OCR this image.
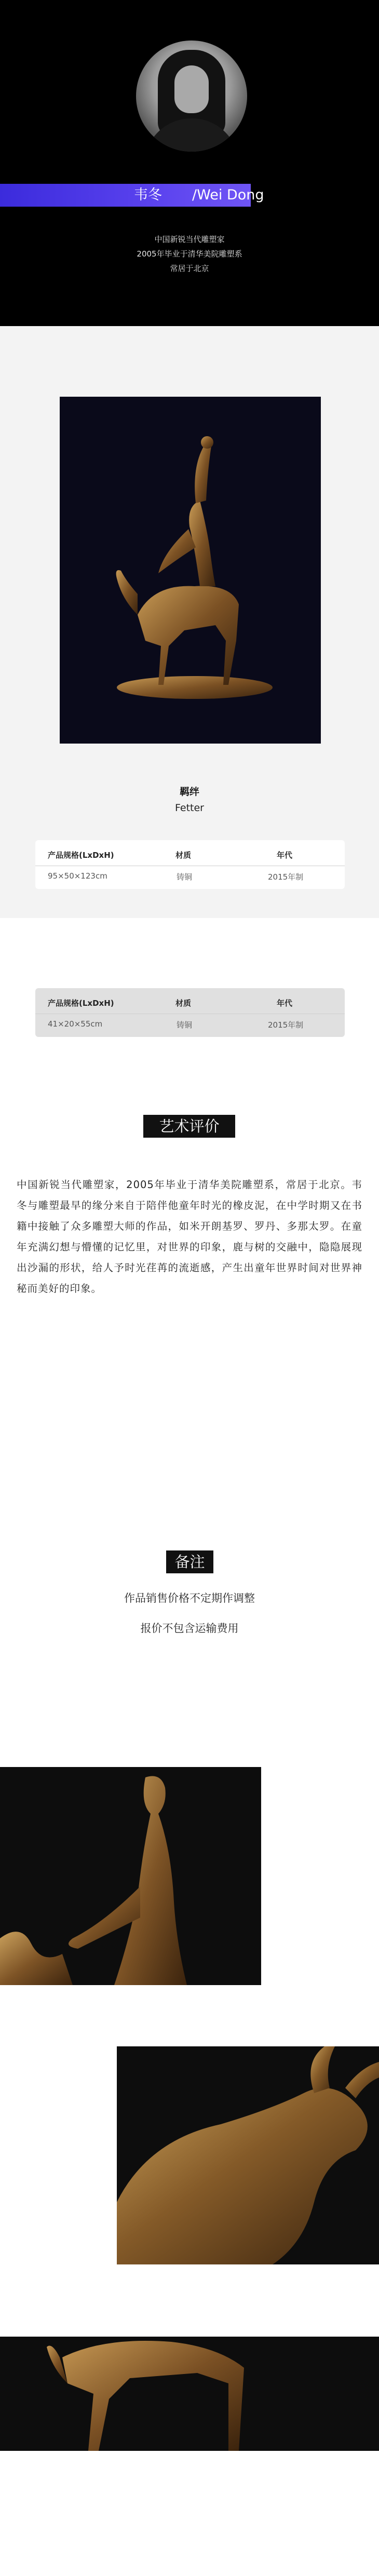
韦冬	/Wei Dong
中国新锐当代雕塑家
2005年毕业于清华美院雕塑系
常居于北京
羁绊
Fetter
产品规格(LxDxH)	材质	年代
95×50×123cm	铸铜	2015年制
产品规格(LxDxH)	材质	年代
41×20×55cm	铸铜	2015年制
艺术评价
中国新锐当代雕塑家，2005年毕业于清华美院雕塑系，常居于北京。韦冬与雕塑最早的缘分来自于陪伴他童年时光的橡皮泥，在中学时期又在书籍中接触了众多雕塑大师的作品，如米开朗基罗、罗丹、多那太罗。在童年充满幻想与懵懂的记忆里，对世界的印象，鹿与树的交融中，隐隐展现出沙漏的形状，给人予时光荏苒的流逝感，产生出童年世界时间对世界神秘而美好的印象。
备注
作品销售价格不定期作调整
报价不包含运输费用
